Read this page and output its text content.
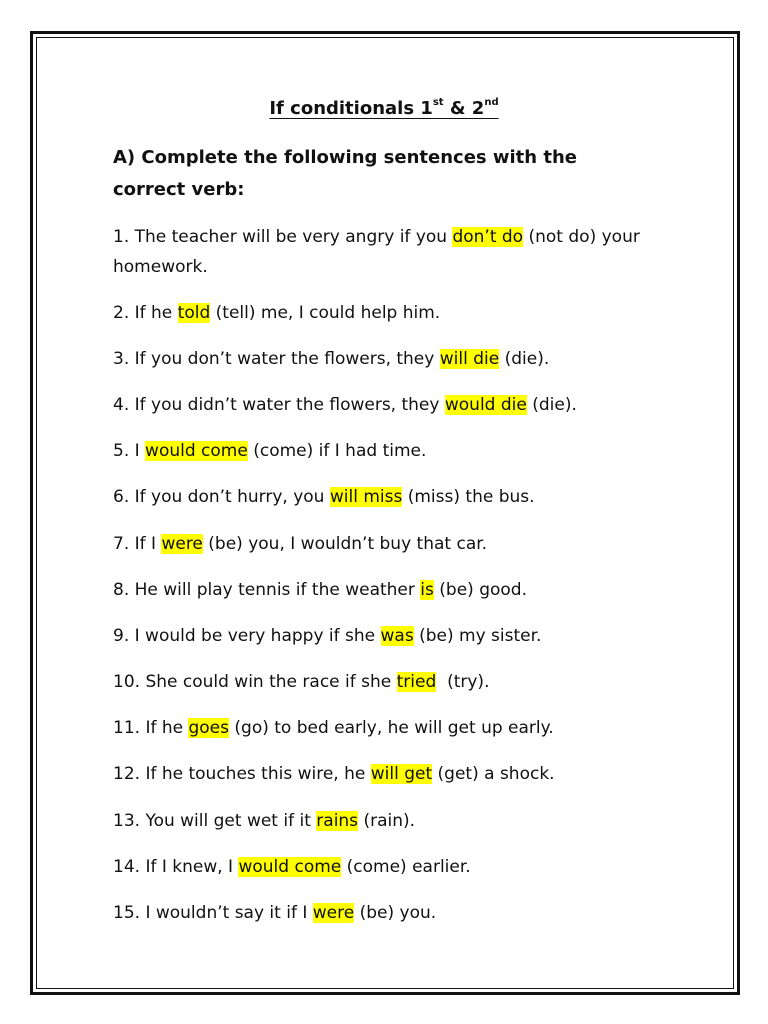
If conditionals 1st & 2nd
A) Complete the following sentences with the correct verb:
1. The teacher will be very angry if you don’t do (not do) your homework.
2. If he told (tell) me, I could help him.
3. If you don’t water the flowers, they will die (die).
4. If you didn’t water the flowers, they would die (die).
5. I would come (come) if I had time.
6. If you don’t hurry, you will miss (miss) the bus.
7. If I were (be) you, I wouldn’t buy that car.
8. He will play tennis if the weather is (be) good.
9. I would be very happy if she was (be) my sister.
10. She could win the race if she tried  (try).
11. If he goes (go) to bed early, he will get up early.
12. If he touches this wire, he will get (get) a shock.
13. You will get wet if it rains (rain).
14. If I knew, I would come (come) earlier.
15. I wouldn’t say it if I were (be) you.
